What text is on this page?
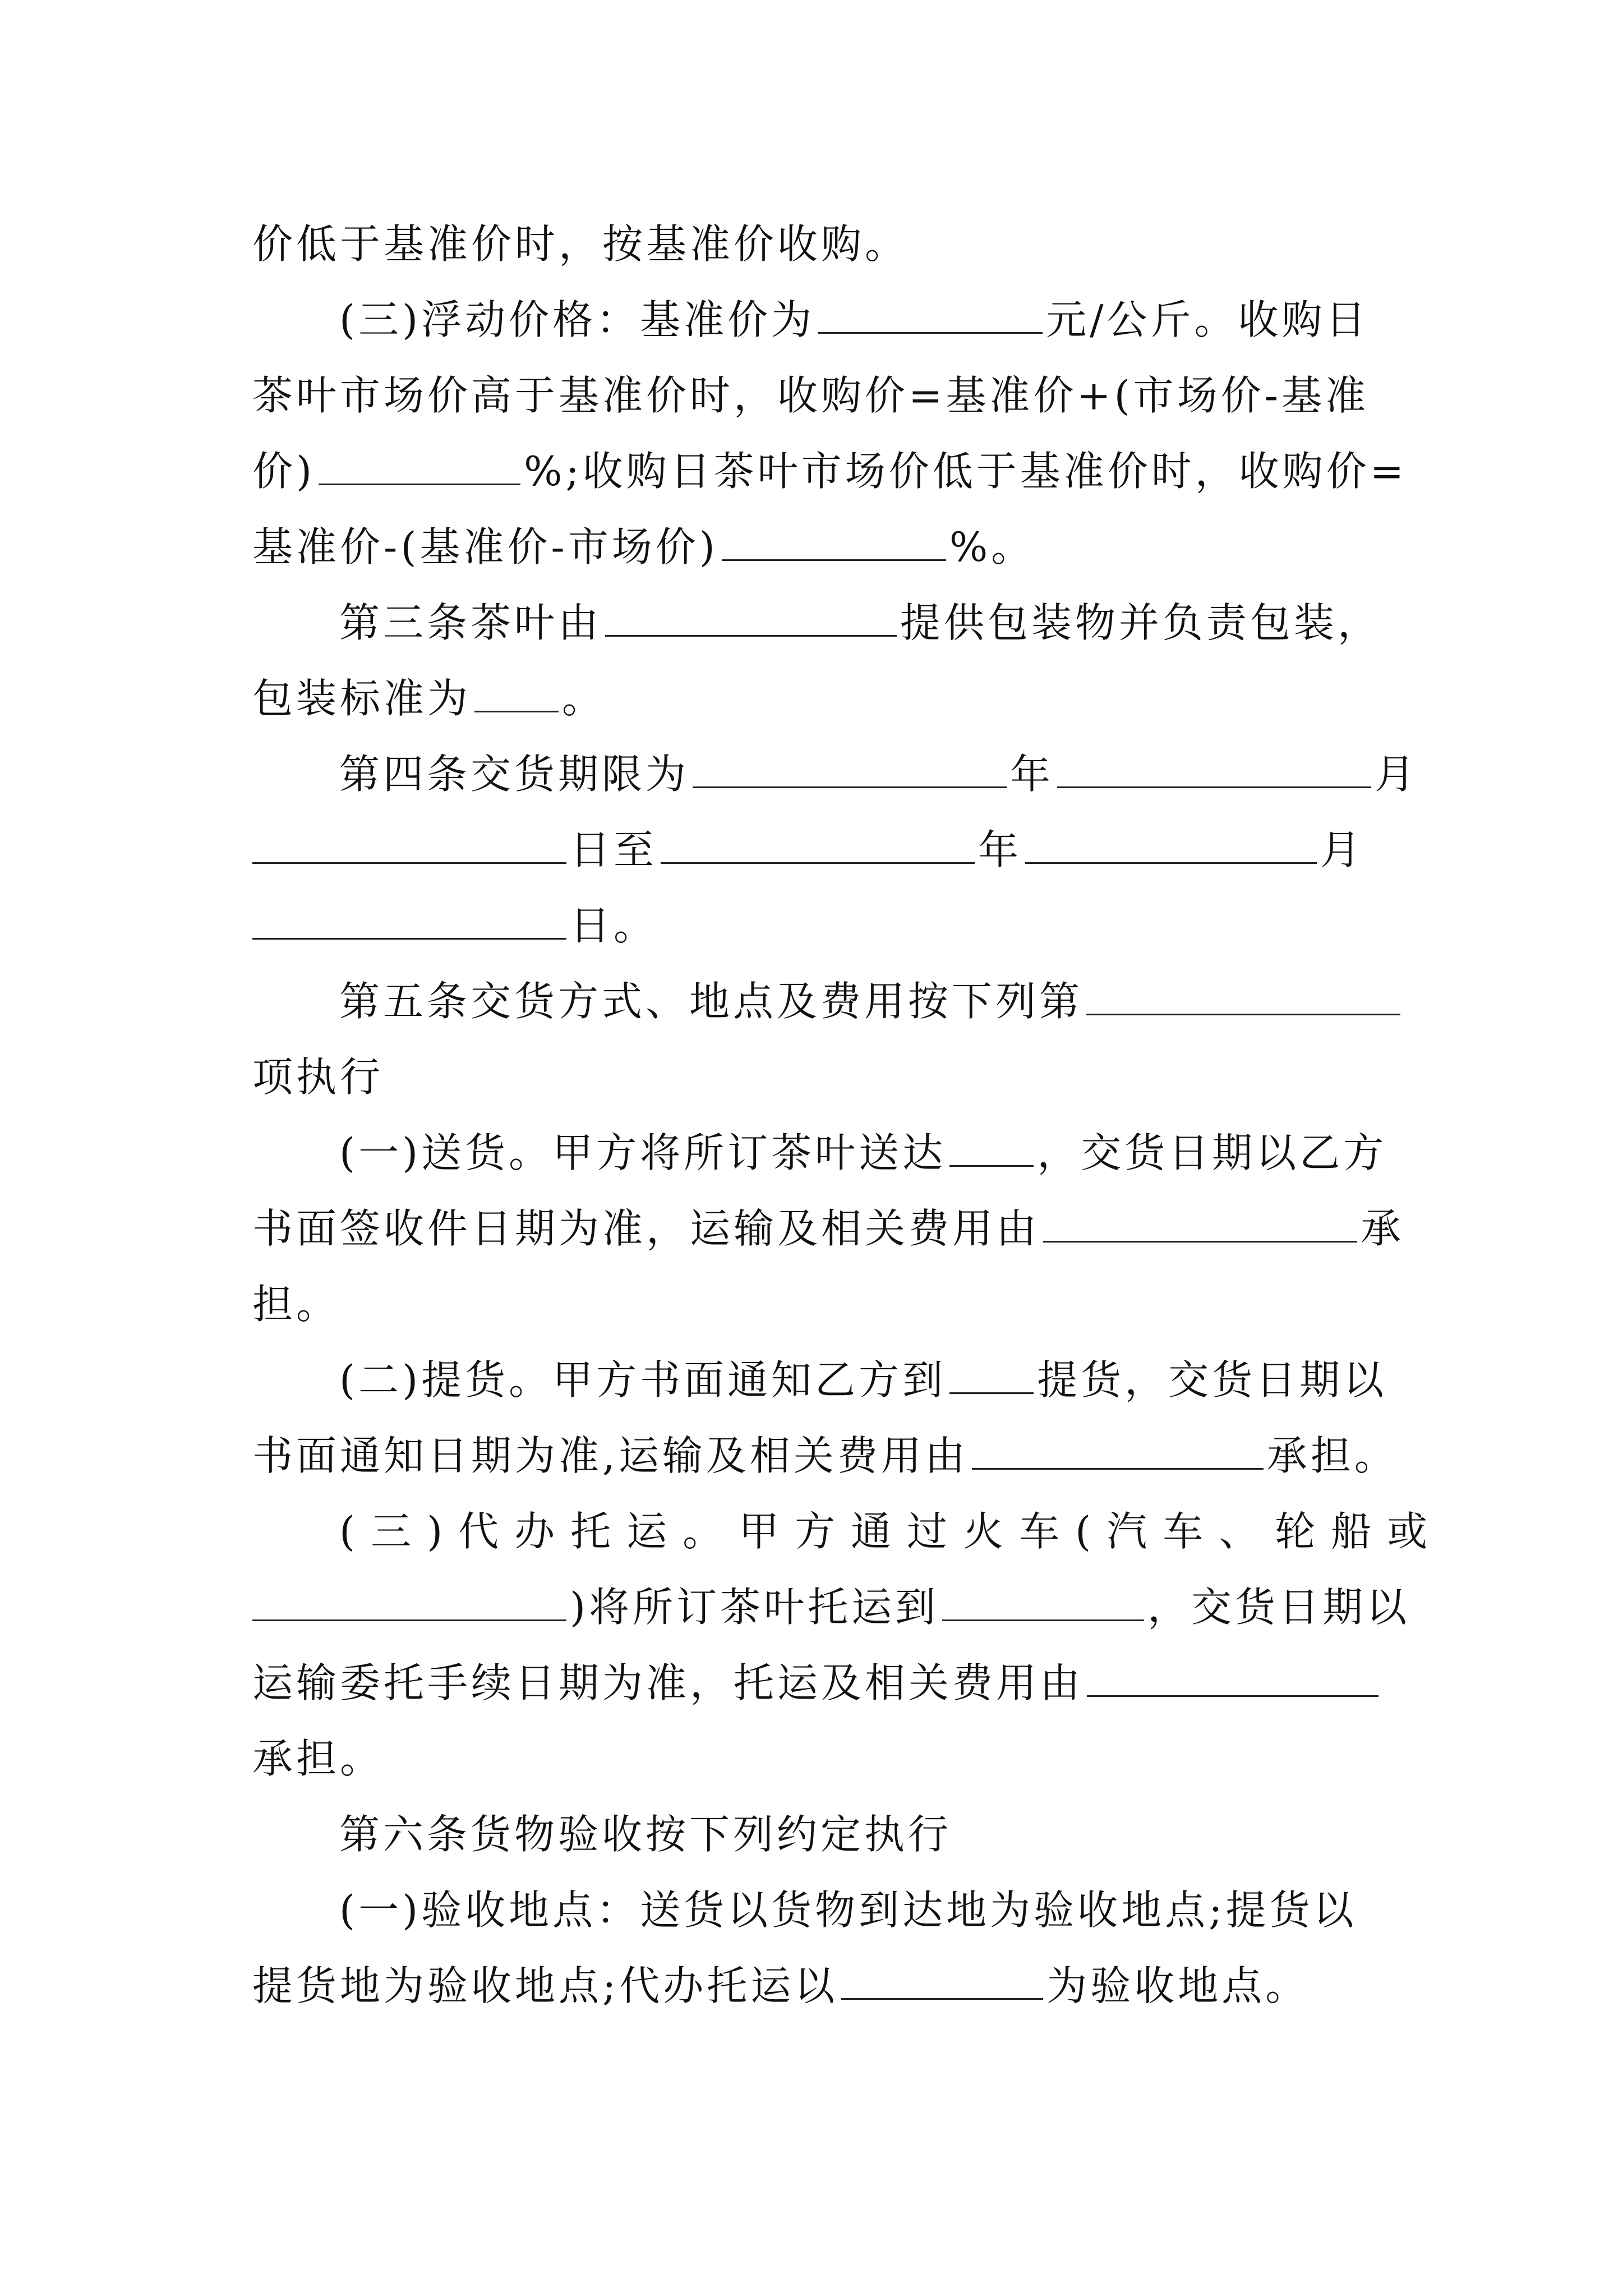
价低于基准价时，按基准价收购。
(三)浮动价格：基准价为	元/公斤。收购日
茶叶市场价高于基准价时，收购价=基准价+(市场价-基准
价)	%;收购日茶叶市场价低于基准价时，收购价=
基准价-(基准价-市场价)	%。
第三条茶叶由	提供包装物并负责包装，
包装标准为 。
第四条交货期限为	年	月
日至	年	月
日。
第五条交货方式、地点及费用按下列第
项执行
(一)送货。甲方将所订茶叶送达 ，交货日期以乙方
书面签收件日期为准，运输及相关费用由	承
担。
(二)提货。甲方书面通知乙方到 提货，交货日期以
书面通知日期为准,运输及相关费用由	承担。
(三)代办托运。甲方通过火车(汽车、轮船或
)将所订茶叶托运到	，交货日期以
运输委托手续日期为准，托运及相关费用由
承担。
第六条货物验收按下列约定执行
(一)验收地点：送货以货物到达地为验收地点;提货以
提货地为验收地点;代办托运以	为验收地点。
